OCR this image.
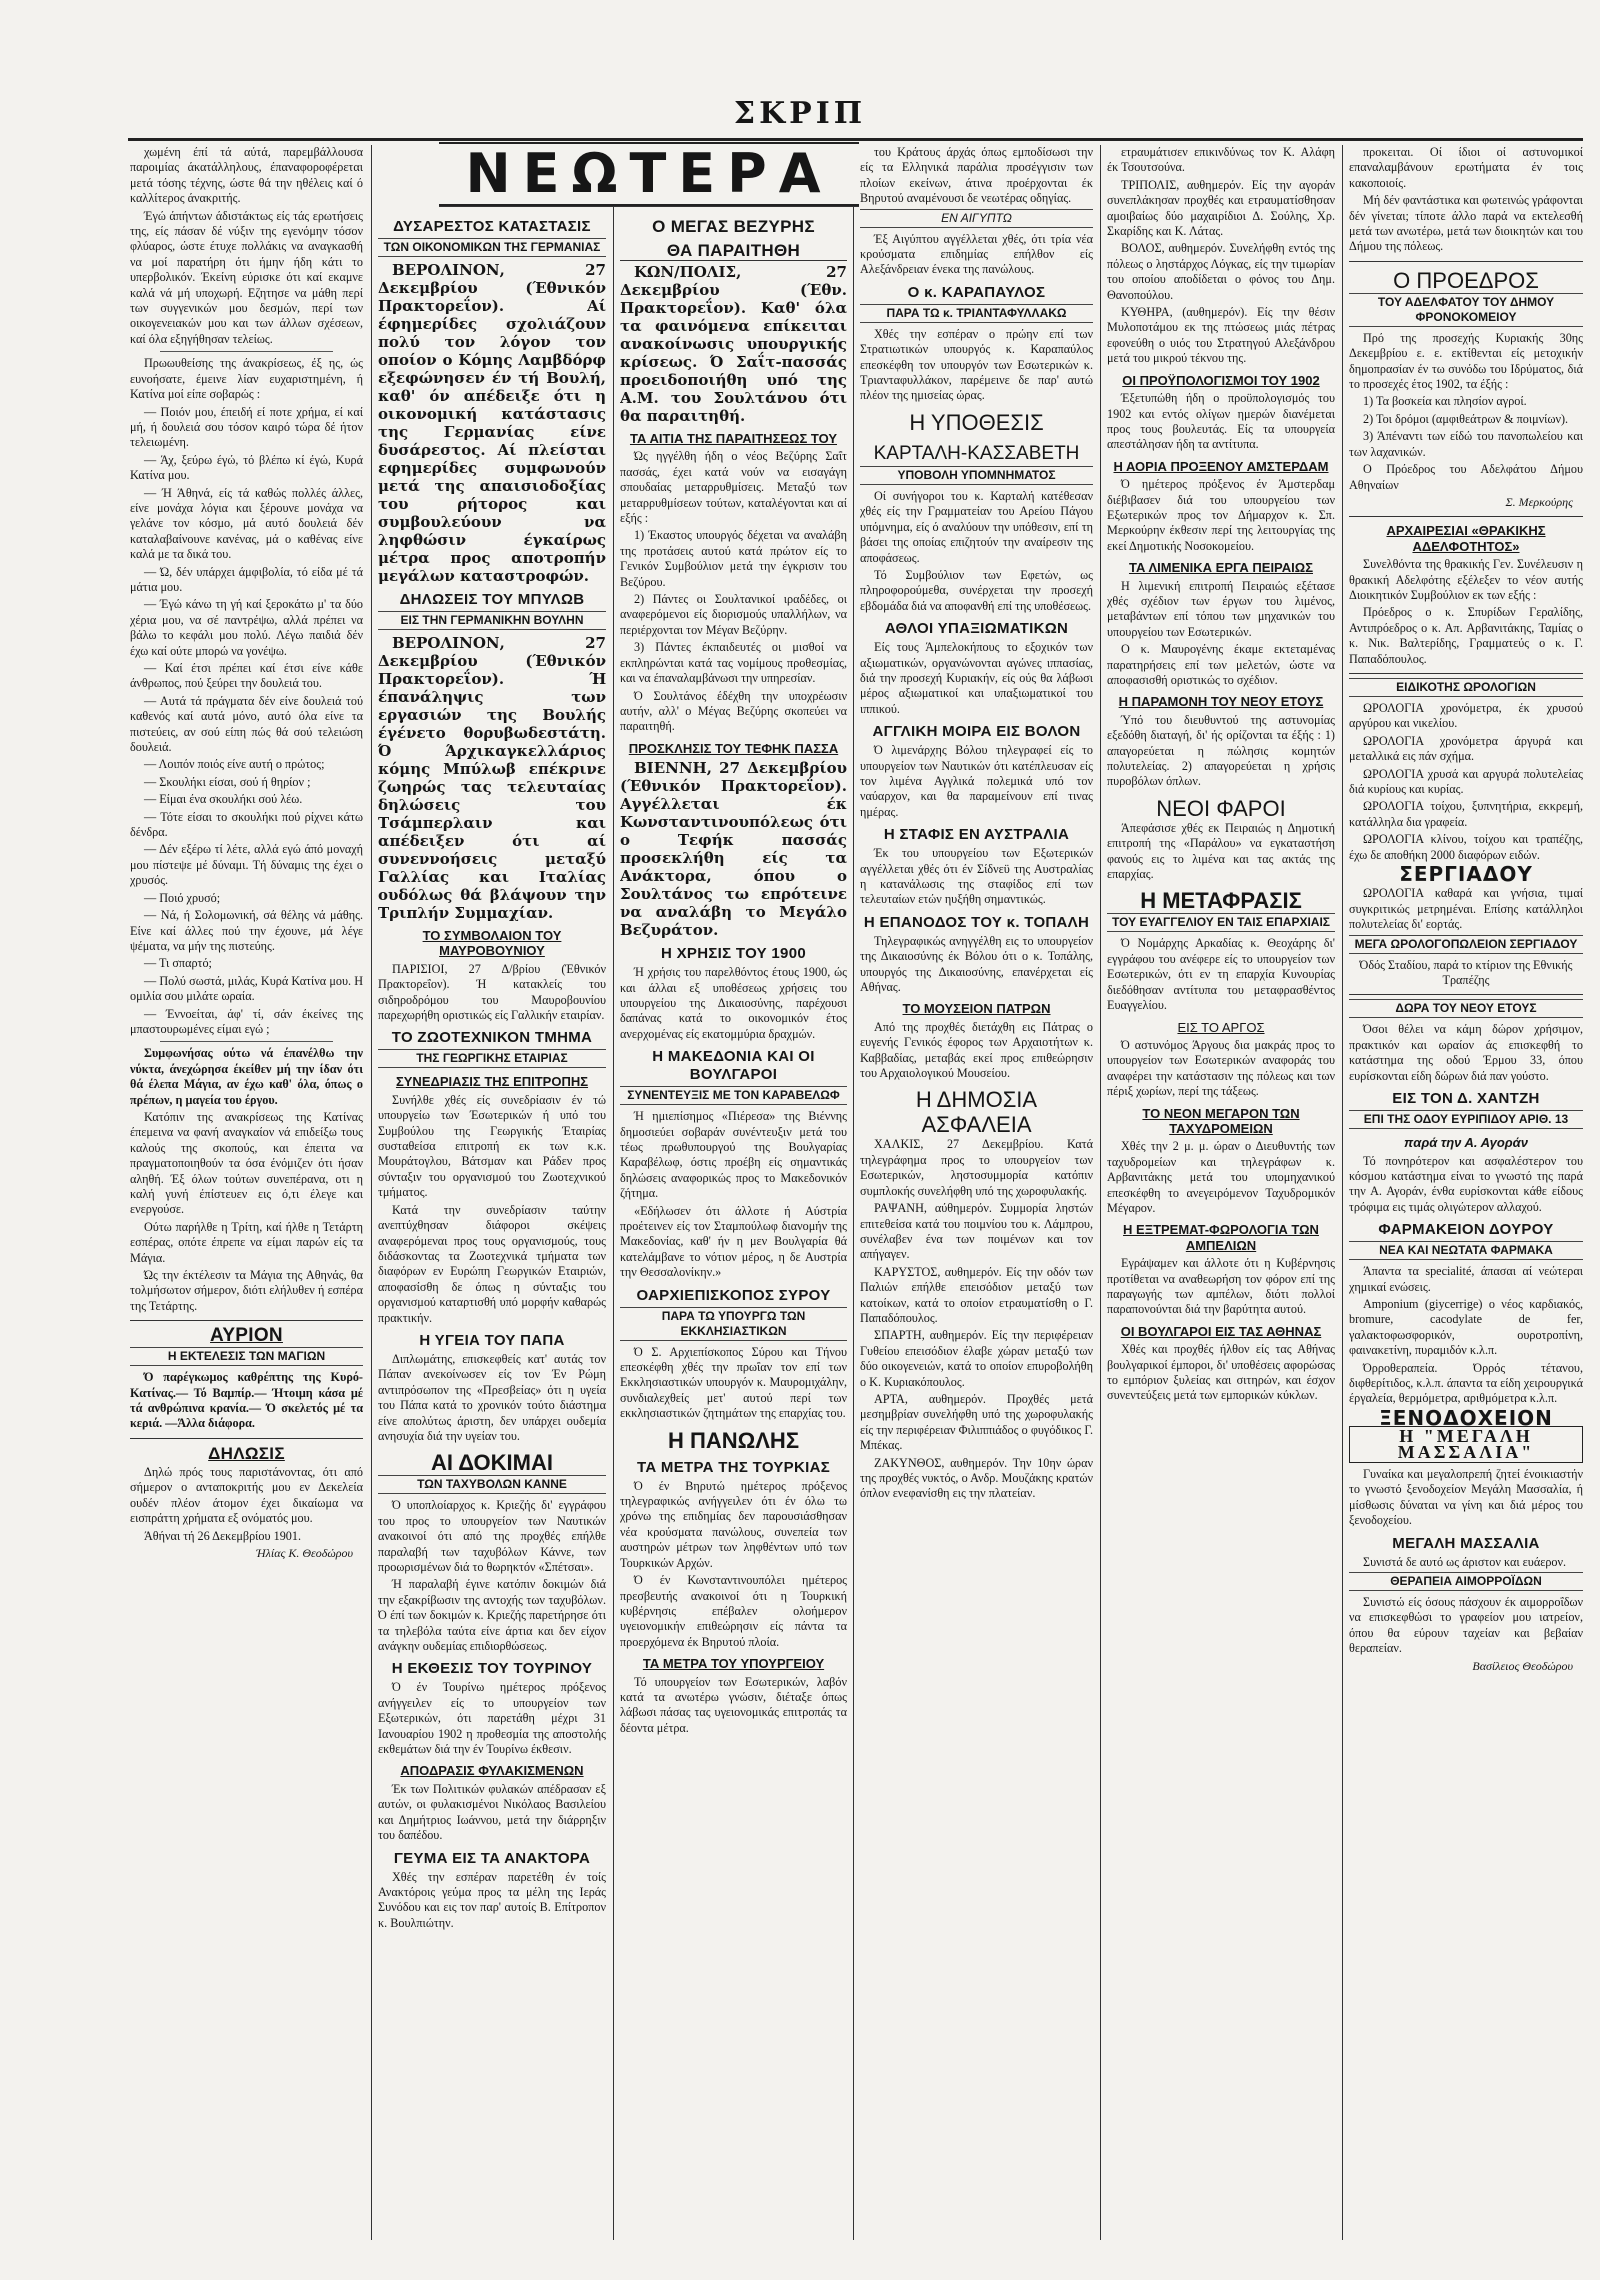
ΣΚΡΙΠ

χωμένη έπί τά αύτά, παρεμβάλλουσα παροιμίας άκατάλληλους, έπαναφοροφέρεται μετά τόσης τέχνης, ώστε θά την ηθέλεις καί ό καλλίτερος άνακριτής.

Έγώ άπήντων άδιστάκτως είς τάς ερωτήσεις της, είς πάσαν δέ νύξιν της εγενόμην τόσον φλύαρος, ώστε έτυχε πολλάκις να αναγκασθή να μοί παρατήρη ότι ήμην ήδη κάτι το υπερβολικόν. Έκείνη εύρισκε ότι καί εκαμνε καλά νά μή υποχωρή. Εζητησε να μάθη περί των συγγενικών μου δεσμών, περί των οικογενειακών μου και των άλλων σχέσεων, καί όλα εξηγήθησαν τελείως.

Πρωωυθείσης της άνακρίσεως, έξ ης, ώς ευνοήσατε, έμεινε λίαν ευχαριστημένη, ή Κατίνα μοί είπε σοβαρώς :

— Ποιόν μου, έπειδή εί ποτε χρήμα, εί καί μή, ή δουλειά σου τόσον καιρό τώρα δέ ήτον τελειωμένη.

— Άχ, ξεύρω έγώ, τό βλέπω κί έγώ, Κυρά Κατίνα μου.

— Ή Άθηνά, είς τά καθώς πολλές άλλες, είνε μονάχα λόγια και ξέρουνε μονάχα να γελάνε τον κόσμο, μά αυτό δουλειά δέν καταλαβαίνουνε κανένας, μά ο καθένας είνε καλά με τα δικά του.

— Ώ, δέν υπάρχει άμφιβολία, τό είδα μέ τά μάτια μου.

— Έγώ κάνω τη γή καί ξεροκάτω μ' τα δύο χέρια μου, να σέ παντρέψω, αλλά πρέπει να βάλω το κεφάλι μου πολύ. Λέγω παιδιά δέν έχω καί ούτε μπορώ να γονέψω.

— Καί έτσι πρέπει καί έτσι είνε κάθε άνθρωπος, πού ξεύρει την δουλειά του.

— Αυτά τά πράγματα δέν είνε δουλειά τού καθενός καί αυτά μόνο, αυτό όλα είνε τα πιστεύεις, αν σού είπη πώς θά σού τελειώση δουλειά.

— Λοιπόν ποιός είνε αυτή ο πρώτος;

— Σκουλήκι είσαι, σού ή θηρίον ;

— Είμαι ένα σκουλήκι σού λέω.

— Τότε είσαι το σκουλήκι πού ρίχνει κάτω δένδρα.

— Δέν εξέρω τί λέτε, αλλά εγώ άπό μοναχή μου πίστεψε μέ δύναμι. Τή δύναμις της έχει ο χρυσός.

— Ποιό χρυσό;

— Νά, ή Σολομωνική, σά θέλης νά μάθης. Είνε καί άλλες πού την έχουνε, μά λέγε ψέματα, να μήν της πιστεύης.

— Τι σπαρτό;

— Πολύ σωστά, μιλάς, Κυρά Κατίνα μου. Η ομιλία σου μιλάτε ωραία.

— Έννοείται, άφ' τί, σάν έκείνες της μπαστουρωμένες είμαι εγώ ;

Συμφωνήσας ούτω νά έπανέλθω την νύκτα, άνεχώρησα έκείθεν μή την ίδαν ότι θά έλεπα Μάγια, αν έχω καθ' όλα, όπως ο πρέπων, η μαγεία του έργου.

Κατόπιν της ανακρίσεως της Κατίνας έπεμεινα να φανή αναγκαίον νά επιδείξω τους καλούς της σκοπούς, και έπειτα να πραγματοποιηθούν τα όσα ένόμιζεν ότι ήσαν αληθή. Έξ όλων τούτων συνεπέρανα, οτι η καλή γυνή έπίστευεν εις ό,τι έλεγε και ενεργούσε.

Ούτω παρήλθε η Τρίτη, καί ήλθε η Τετάρτη εσπέρας, οπότε έπρεπε να είμαι παρών είς τα Μάγια.

Ώς την έκτέλεσιν τα Μάγια της Αθηνάς, θα τολμήσωτον σήμερον, διότι ελήλυθεν ή εσπέρα της Τετάρτης.

ΑΥΡΙΟΝ
Η ΕΚΤΕΛΕΣΙΣ ΤΩΝ ΜΑΓΙΩΝ

Ό παρέγκωμος καθρέπτης της Κυρό-Κατίνας.— Τό Βαμπίρ.— Ήτοιμη κάσα μέ τά ανθρώπινα κρανία.— Ό σκελετός μέ τα κεριά. —Άλλα διάφορα.

ΔΗΛΩΣΙΣ

Δηλώ πρός τους παριστάνοντας, ότι από σήμερον ο ανταποκριτής μου εν Δεκελεία ουδέν πλέον άτομον έχει δικαίωμα να εισπράττη χρήματα εξ ονόματός μου.

Άθήναι τή 26 Δεκεμβρίου 1901.

Ήλίας Κ. Θεοδώρου
ΝΕΩΤΕΡΑ
ΔΥΣΑΡΕΣΤΟΣ ΚΑΤΑΣΤΑΣΙΣ
ΤΩΝ ΟΙΚΟΝΟΜΙΚΩΝ ΤΗΣ ΓΕΡΜΑΝΙΑΣ

ΒΕΡΟΛΙΝΟΝ, 27 Δεκεμβρίου (Έθνικόν Πρακτορεΐον). Αί έφημερίδες σχολιάζουν πολύ τον λόγον τον οποίον ο Κόμης Λαμβδόρφ εξεφώνησεν έν τή Βουλή, καθ' όν απέδειξε ότι η οικονομική κατάστασις της Γερμανίας είνε δυσάρεστος. Αί πλείσται εφημερίδες συμφωνούν μετά της απαισιοδοξίας του ρήτορος και συμβουλεύουν να ληφθώσιν έγκαίρως μέτρα προς αποτροπήν μεγάλων καταστροφών.

ΔΗΛΩΣΕΙΣ ΤΟΥ ΜΠΥΛΩΒ
ΕΙΣ ΤΗΝ ΓΕΡΜΑΝΙΚΗΝ ΒΟΥΛΗΝ

ΒΕΡΟΛΙΝΟΝ, 27 Δεκεμβρίου (Έθνικόν Πρακτορεΐον). Ή έπανάληψις των εργασιών της Βουλής έγένετο θορυβωδεστάτη. Ό Άρχικαγκελλάριος κόμης Μπύλωβ επέκρινε ζωηρώς τας τελευταίας δηλώσεις του Τσάμπερλαιν και απέδειξεν ότι αί συνεννοήσεις μεταξύ Γαλλίας και Ιταλίας ουδόλως θά βλάψουν την Τριπλήν Συμμαχίαν.

ΤΟ ΣΥΜΒΟΛΑΙΟΝ ΤΟΥ ΜΑΥΡΟΒΟΥΝΙΟΥ

ΠΑΡΙΣΙΟΙ, 27 Δ/βρίου (Έθνικόν Πρακτορεΐον). Ή κατακλείς του σιδηροδρόμου του Μαυροβουνίου παρεχωρήθη οριστικώς είς Γαλλικήν εταιρίαν.

ΤΟ ΖΩΟΤΕΧΝΙΚΟΝ ΤΜΗΜΑ
ΤΗΣ ΓΕΩΡΓΙΚΗΣ ΕΤΑΙΡΙΑΣ
ΣΥΝΕΔΡΙΑΣΙΣ ΤΗΣ ΕΠΙΤΡΟΠΗΣ

Συνήλθε χθές είς συνεδρίασιν έν τώ υπουργείω των Έσωτερικών ή υπό του Συμβούλου της Γεωργικής Έταιρίας συσταθείσα επιτροπή εκ των κ.κ. Μουράτογλου, Βάτσμαν και Ράδεν προς σύνταξιν του οργανισμού του Ζωοτεχνικού τμήματος.

Κατά την συνεδρίασιν ταύτην ανεπτύχθησαν διάφοροι σκέψεις αναφερόμεναι προς τους οργανισμούς, τους διδάσκοντας τα Ζωοτεχνικά τμήματα των διαφόρων εν Ευρώπη Γεωργικών Εταιριών, αποφασίσθη δε όπως η σύνταξις του οργανισμού καταρτισθή υπό μορφήν καθαρώς πρακτικήν.

Η ΥΓΕΙΑ ΤΟΥ ΠΑΠΑ

Διπλωμάτης, επισκεφθείς κατ' αυτάς τον Πάπαν ανεκοίνωσεν είς τον Έν Ρώμη αντιπρόσωπον της «Πρεσβείας» ότι η υγεία του Πάπα κατά το χρονικόν τούτο διάστημα είνε απολύτως άριστη, δεν υπάρχει ουδεμία ανησυχία διά την υγείαν του.

ΑΙ ΔΟΚΙΜΑΙ
ΤΩΝ ΤΑΧΥΒΟΛΩΝ ΚΑΝΝΕ

Ό υποπλοίαρχος κ. Κριεζής δι' εγγράφου του προς το υπουργείον των Ναυτικών ανακοινοί ότι από της προχθές επήλθε παραλαβή των ταχυβόλων Κάννε, των προωρισμένων διά το θωρηκτόν «Σπέτσαι».

Ή παραλαβή έγινε κατόπιν δοκιμών διά την εξακρίβωσιν της αντοχής των ταχυβόλων. Ό έπί των δοκιμών κ. Κριεζής παρετήρησε ότι τα τηλεβόλα ταύτα είνε άρτια και δεν είχον ανάγκην ουδεμίας επιδιορθώσεως.

Η ΕΚΘΕΣΙΣ ΤΟΥ ΤΟΥΡΙΝΟΥ

Ό έν Τουρίνω ημέτερος πρόξενος ανήγγειλεν είς το υπουργείον των Εξωτερικών, ότι παρετάθη μέχρι 31 Ιανουαρίου 1902 η προθεσμία της αποστολής εκθεμάτων διά την έν Τουρίνω έκθεσιν.

ΑΠΟΔΡΑΣΙΣ ΦΥΛΑΚΙΣΜΕΝΩΝ

Έκ των Πολιτικών φυλακών απέδρασαν εξ αυτών, οι φυλακισμένοι Νικόλαος Βασιλείου και Δημήτριος Ιωάννου, μετά την διάρρηξιν του δαπέδου.

ΓΕΥΜΑ ΕΙΣ ΤΑ ΑΝΑΚΤΟΡΑ

Χθές την εσπέραν παρετέθη έν τοίς Ανακτόροις γεύμα προς τα μέλη της Ιεράς Συνόδου και εις τον παρ' αυτοίς Β. Επίτροπον κ. Βουλπιώτην.

Ο ΜΕΓΑΣ ΒΕΖΥΡΗΣ
ΘΑ ΠΑΡΑΙΤΗΘΗ

ΚΩΝ/ΠΟΛΙΣ, 27 Δεκεμβρίου (Έθν. Πρακτορεΐον). Καθ' όλα τα φαινόμενα επίκειται ανακοίνωσις υπουργικής κρίσεως. Ό Σαΐτ-πασσάς προειδοποιήθη υπό της Α.Μ. του Σουλτάνου ότι θα παραιτηθή.

ΤΑ ΑΙΤΙΑ ΤΗΣ ΠΑΡΑΙΤΗΣΕΩΣ ΤΟΥ

Ώς ηγγέλθη ήδη ο νέος Βεζύρης Σαΐτ πασσάς, έχει κατά νούν να εισαγάγη σπουδαίας μεταρρυθμίσεις. Μεταξύ των μεταρρυθμίσεων τούτων, καταλέγονται και αί εξής :

1) Έκαστος υπουργός δέχεται να αναλάβη της προτάσεις αυτού κατά πρώτον είς το Γενικόν Συμβούλιον μετά την έγκρισιν του Βεζύρου.

2) Πάντες οι Σουλτανικοί ιραδέδες, οι αναφερόμενοι είς διορισμούς υπαλλήλων, να περιέρχονται τον Μέγαν Βεζύρην.

3) Πάντες έκπαιδευτές οι μισθοί να εκπληρώνται κατά τας νομίμους προθεσμίας, και να έπαναλαμβάνωσι την υπηρεσίαν.

Ό Σουλτάνος έδέχθη την υποχρέωσιν αυτήν, αλλ' ο Μέγας Βεζύρης σκοπεύει να παραιτηθή.

ΠΡΟΣΚΛΗΣΙΣ ΤΟΥ ΤΕΦΗΚ ΠΑΣΣΑ

ΒΙΕΝΝΗ, 27 Δεκεμβρίου (Έθνικόν Πρακτορεΐον). Αγγέλλεται έκ Κωνσταντινουπόλεως ότι ο Τεφήκ πασσάς προσεκλήθη είς τα Ανάκτορα, όπου ο Σουλτάνος τω επρότεινε να αναλάβη το Μεγάλο Βεζυράτον.

Η ΧΡΗΣΙΣ ΤΟΥ 1900

Ή χρήσις του παρελθόντος έτους 1900, ώς και άλλαι εξ υποθέσεως χρήσεις του υπουργείου της Δικαιοσύνης, παρέχουσι δαπάνας κατά το οικονομικόν έτος ανερχομένας είς εκατομμύρια δραχμών.

Η ΜΑΚΕΔΟΝΙΑ ΚΑΙ ΟΙ ΒΟΥΛΓΑΡΟΙ
ΣΥΝΕΝΤΕΥΞΙΣ ΜΕ ΤΟΝ ΚΑΡΑΒΕΛΩΦ

Ή ημιεπίσημος «Πιέρεσα» της Βιέννης δημοσιεύει σοβαράν συνέντευξιν μετά του τέως πρωθυπουργού της Βουλγαρίας Καραβέλωφ, όστις προέβη είς σημαντικάς δηλώσεις αναφορικώς προς το Μακεδονικόν ζήτημα.

«Εδήλωσεν ότι άλλοτε ή Αύστρία προέτεινεν είς τον Σταμπούλωφ διανομήν της Μακεδονίας, καθ' ήν η μεν Βουλγαρία θά κατελάμβανε το νότιον μέρος, η δε Αυστρία την Θεσσαλονίκην.»

ΟΑΡΧΙΕΠΙΣΚΟΠΟΣ ΣΥΡΟΥ
ΠΑΡΑ ΤΩ ΥΠΟΥΡΓΩ ΤΩΝ ΕΚΚΛΗΣΙΑΣΤΙΚΩΝ

Ό Σ. Αρχιεπίσκοπος Σύρου και Τήνου επεσκέφθη χθές την πρωΐαν τον επί των Εκκλησιαστικών υπουργόν κ. Μαυρομιχάλην, συνδιαλεχθείς μετ' αυτού περί των εκκλησιαστικών ζητημάτων της επαρχίας του.

Η ΠΑΝΩΛΗΣ
ΤΑ ΜΕΤΡΑ ΤΗΣ ΤΟΥΡΚΙΑΣ

Ό έν Βηρυτώ ημέτερος πρόξενος τηλεγραφικώς ανήγγειλεν ότι έν όλω τω χρόνω της επιδημίας δεν παρουσιάσθησαν νέα κρούσματα πανώλους, συνεπεία των αυστηρών μέτρων των ληφθέντων υπό των Τουρκικών Αρχών.

Ό έν Κωνσταντινουπόλει ημέτερος πρεσβευτής ανακοινοί ότι η Τουρκική κυβέρνησις επέβαλεν ολοήμερον υγειονομικήν επιθεώρησιν είς πάντα τα προερχόμενα έκ Βηρυτού πλοία.

ΤΑ ΜΕΤΡΑ ΤΟΥ ΥΠΟΥΡΓΕΙΟΥ

Τό υπουργείον των Εσωτερικών, λαβόν κατά τα ανωτέρω γνώσιν, διέταξε όπως λάβωσι πάσας τας υγειονομικάς επιτροπάς τα δέοντα μέτρα.

του Κράτους άρχάς όπως εμποδίσωσι την είς τα Ελληνικά παράλια προσέγγισιν των πλοίων εκείνων, άτινα προέρχονται έκ Βηρυτού αναμένουσι δε νεωτέρας οδηγίας.

ΕΝ ΑΙΓΥΠΤΩ

Έξ Αιγύπτου αγγέλλεται χθές, ότι τρία νέα κρούσματα επιδημίας επήλθον είς Αλεξάνδρειαν ένεκα της πανώλους.

Ο κ. ΚΑΡΑΠΑΥΛΟΣ
ΠΑΡΑ ΤΩ κ. ΤΡΙΑΝΤΑΦΥΛΛΑΚΩ

Χθές την εσπέραν ο πρώην επί των Στρατιωτικών υπουργός κ. Καραπαύλος επεσκέφθη τον υπουργόν των Εσωτερικών κ. Τριανταφυλλάκον, παρέμεινε δε παρ' αυτώ πλέον της ημισείας ώρας.

Η ΥΠΟΘΕΣΙΣ
ΚΑΡΤΑΛΗ-ΚΑΣΣΑΒΕΤΗ
ΥΠΟΒΟΛΗ ΥΠΟΜΝΗΜΑΤΟΣ

Οί συνήγοροι του κ. Καρταλή κατέθεσαν χθές είς την Γραμματείαν του Αρείου Πάγου υπόμνημα, είς ό αναλύουν την υπόθεσιν, επί τη βάσει της οποίας επιζητούν την αναίρεσιν της αποφάσεως.

Τό Συμβούλιον των Εφετών, ως πληροφορούμεθα, συνέρχεται την προσεχή εβδομάδα διά να αποφανθή επί της υποθέσεως.

ΑΘΛΟΙ ΥΠΑΞΙΩΜΑΤΙΚΩΝ

Είς τους Άμπελοκήπους το εξοχικόν των αξιωματικών, οργανώνονται αγώνες ιππασίας, διά την προσεχή Κυριακήν, είς ούς θα λάβωσι μέρος αξιωματικοί και υπαξιωματικοί του ιππικού.

ΑΓΓΛΙΚΗ ΜΟΙΡΑ ΕΙΣ ΒΟΛΟΝ

Ό λιμενάρχης Βόλου τηλεγραφεί είς το υπουργείον των Ναυτικών ότι κατέπλευσαν είς τον λιμένα Αγγλικά πολεμικά υπό τον ναύαρχον, και θα παραμείνουν επί τινας ημέρας.

Η ΣΤΑΦΙΣ ΕΝ ΑΥΣΤΡΑΛΙΑ

Έκ του υπουργείου των Εξωτερικών αγγέλλεται χθές ότι έν Σίδνεϋ της Αυστραλίας η κατανάλωσις της σταφίδος επί των τελευταίων ετών ηυξήθη σημαντικώς.

Η ΕΠΑΝΟΔΟΣ ΤΟΥ κ. ΤΟΠΑΛΗ

Τηλεγραφικώς ανηγγέλθη εις το υπουργείον της Δικαιοσύνης έκ Βόλου ότι ο κ. Τοπάλης, υπουργός της Δικαιοσύνης, επανέρχεται είς Αθήνας.

ΤΟ ΜΟΥΣΕΙΟΝ ΠΑΤΡΩΝ

Από της προχθές διετάχθη εις Πάτρας ο ευγενής Γενικός έφορος των Αρχαιοτήτων κ. Καββαδίας, μεταβάς εκεί προς επιθεώρησιν του Αρχαιολογικού Μουσείου.

Η ΔΗΜΟΣΙΑ ΑΣΦΑΛΕΙΑ

ΧΑΛΚΙΣ, 27 Δεκεμβρίου. Κατά τηλεγράφημα προς το υπουργείον των Εσωτερικών, ληστοσυμμορία κατόπιν συμπλοκής συνελήφθη υπό της χωροφυλακής.

ΡΑΨΑΝΗ, αύθημερόν. Συμμορία ληστών επιτεθείσα κατά του ποιμνίου του κ. Λάμπρου, συνέλαβεν ένα των ποιμένων και τον απήγαγεν.

ΚΑΡΥΣΤΟΣ, αυθημερόν. Είς την οδόν των Παλιών επήλθε επεισόδιον μεταξύ των κατοίκων, κατά το οποίον ετραυματίσθη ο Γ. Παπαδόπουλος.

ΣΠΑΡΤΗ, αυθημερόν. Είς την περιφέρειαν Γυθείου επεισόδιον έλαβε χώραν μεταξύ των δύο οικογενειών, κατά το οποίον επυροβολήθη ο Κ. Κυριακόπουλος.

ΑΡΤΑ, αυθημερόν. Προχθές μετά μεσημβρίαν συνελήφθη υπό της χωροφυλακής είς την περιφέρειαν Φιλιππιάδος ο φυγόδικος Γ. Μπέκας.

ΖΑΚΥΝΘΟΣ, αυθημερόν. Την 10ην ώραν της προχθές νυκτός, ο Ανδρ. Μουζάκης κρατών όπλον ενεφανίσθη εις την πλατείαν.

ετραυμάτισεν επικινδύνως τον Κ. Αλάφη έκ Τσουτσούνα.

ΤΡΙΠΟΛΙΣ, αυθημερόν. Είς την αγοράν συνεπλάκησαν προχθές και ετραυματίσθησαν αμοιβαίως δύο μαχαιρίδιοι Δ. Σούλης, Χρ. Σκαρίδης και Κ. Λάτας.

ΒΟΛΟΣ, αυθημερόν. Συνελήφθη εντός της πόλεως ο ληστάρχος Λόγκας, είς την τιμωρίαν του οποίου αποδίδεται ο φόνος του Δημ. Θανοπούλου.

ΚΥΘΗΡΑ, (αυθημερόν). Είς την θέσιν Μυλοποτάμου εκ της πτώσεως μιάς πέτρας εφονεύθη ο υιός του Στρατηγού Αλεξάνδρου μετά του μικρού τέκνου της.

ΟΙ ΠΡΟΫΠΟΛΟΓΙΣΜΟΙ ΤΟΥ 1902

Έξετυπώθη ήδη ο προϋπολογισμός του 1902 και εντός ολίγων ημερών διανέμεται προς τους βουλευτάς. Είς τα υπουργεία απεστάλησαν ήδη τα αντίτυπα.

Η ΑΟΡΙΑ ΠΡΟΞΕΝΟΥ ΑΜΣΤΕΡΔΑΜ

Ό ημέτερος πρόξενος έν Άμστερδαμ διέβιβασεν διά του υπουργείου των Εξωτερικών προς τον Δήμαρχον κ. Σπ. Μερκούρην έκθεσιν περί της λειτουργίας της εκεί Δημοτικής Νοσοκομείου.

ΤΑ ΛΙΜΕΝΙΚΑ ΕΡΓΑ ΠΕΙΡΑΙΩΣ

Η λιμενική επιτροπή Πειραιώς εξέτασε χθές σχέδιον των έργων του λιμένος, μεταβάντων επί τόπου των μηχανικών του υπουργείου των Εσωτερικών.

Ο κ. Μαυρογένης έκαμε εκτεταμένας παρατηρήσεις επί των μελετών, ώστε να αποφασισθή οριστικώς το σχέδιον.

Η ΠΑΡΑΜΟΝΗ ΤΟΥ ΝΕΟΥ ΕΤΟΥΣ

Ύπό του διευθυντού της αστυνομίας εξεδόθη διαταγή, δι' ής ορίζονται τα έξής : 1) απαγορεύεται η πώλησις κομητών πολυτελείας. 2) απαγορεύεται η χρήσις πυροβόλων όπλων.

ΝΕΟΙ ΦΑΡΟΙ

Άπεφάσισε χθές εκ Πειραιώς η Δημοτική επιτροπή της «Παράλου» να εγκαταστήση φανούς εις το λιμένα και τας ακτάς της επαρχίας.

Η ΜΕΤΑΦΡΑΣΙΣ
ΤΟΥ ΕΥΑΓΓΕΛΙΟΥ ΕΝ ΤΑΙΣ ΕΠΑΡΧΙΑΙΣ

Ό Νομάρχης Αρκαδίας κ. Θεοχάρης δι' εγγράφου του ανέφερε είς το υπουργείον των Εσωτερικών, ότι εν τη επαρχία Κυνουρίας διεδόθησαν αντίτυπα του μεταφρασθέντος Ευαγγελίου.

ΕΙΣ ΤΟ ΑΡΓΟΣ

Ό αστυνόμος Άργους δια μακράς προς το υπουργείον των Εσωτερικών αναφοράς του αναφέρει την κατάστασιν της πόλεως και των πέριξ χωρίων, περί της τάξεως.

ΤΟ ΝΕΟΝ ΜΕΓΑΡΟΝ ΤΩΝ ΤΑΧΥΔΡΟΜΕΙΩΝ

Χθές την 2 μ. μ. ώραν ο Διευθυντής των ταχυδρομείων και τηλεγράφων κ. Αρβανιτάκης μετά του υπομηχανικού επεσκέφθη το ανεγειρόμενον Ταχυδρομικόν Μέγαρον.

Η ΕΞΤΡΕΜΑΤ-ΦΩΡΟΛΟΓΙΑ ΤΩΝ ΑΜΠΕΛΙΩΝ

Εγράψαμεν και άλλοτε ότι η Κυβέρνησις προτίθεται να αναθεωρήση τον φόρον επί της παραγωγής των αμπέλων, διότι πολλοί παραπονούνται διά την βαρύτητα αυτού.

ΟΙ ΒΟΥΛΓΑΡΟΙ ΕΙΣ ΤΑΣ ΑΘΗΝΑΣ

Χθές και προχθές ήλθον είς τας Αθήνας βουλγαρικοί έμποροι, δι' υποθέσεις αφορώσας το εμπόριον ξυλείας και σιτηρών, και έσχον συνεντεύξεις μετά των εμπορικών κύκλων.

προκειται. Οί ίδιοι οί αστυνομικοί επαναλαμβάνουν ερωτήματα έν τοις κακοποιοίς.

Μή δέν φαντάστικα και φωτεινώς γράφονται δέν γίνεται; τίποτε άλλο παρά να εκτελεσθή μετά των ανωτέρω, μετά των διοικητών και του Δήμου της πόλεως.

Ο ΠΡΟΕΔΡΟΣ
ΤΟΥ ΑΔΕΛΦΑΤΟΥ ΤΟΥ ΔΗΜΟΥ ΦΡΟΝΟΚΟΜΕΙΟΥ

Πρό της προσεχής Κυριακής 30ης Δεκεμβρίου ε. ε. εκτίθενται είς μετοχικήν δημοπρασίαν έν τω συνόδω του Ιδρύματος, διά το προσεχές έτος 1902, τα έξής :

1) Τα βοσκεία και πλησίον αγροί.

2) Τοι δρόμοι (αμφιθεάτρων & ποιμνίων).

3) Άπέναντι των είδώ του πανοπωλείου και των λαχανικών.

Ο Πρόεδρος του Αδελφάτου Δήμου Αθηναίων

Σ. Μερκούρης
ΑΡΧΑΙΡΕΣΙΑΙ «ΘΡΑΚΙΚΗΣ ΑΔΕΛΦΟΤΗΤΟΣ»

Συνελθόντα της θρακικής Γεν. Συνέλευσιν η θρακική Αδελφότης εξέλεξεν το νέον αυτής Διοικητικόν Συμβούλιον εκ των εξής :

Πρόεδρος ο κ. Σπυρίδων Γεραλίδης, Αντιπρόεδρος ο κ. Απ. Αρβανιτάκης, Ταμίας ο κ. Νικ. Βαλτερίδης, Γραμματεύς ο κ. Γ. Παπαδόπουλος.

ΕΙΔΙΚΟΤΗΣ ΩΡΟΛΟΓΙΩΝ

ΩΡΟΛΟΓΙΑ χρονόμετρα, έκ χρυσού αργύρου και νικελίου.

ΩΡΟΛΟΓΙΑ χρονόμετρα άργυρά και μεταλλικά εις πάν σχήμα.

ΩΡΟΛΟΓΙΑ χρυσά και αργυρά πολυτελείας διά κυρίους και κυρίας.

ΩΡΟΛΟΓΙΑ τοίχου, ξυπνητήρια, εκκρεμή, κατάλληλα δια γραφεία.

ΩΡΟΛΟΓΙΑ κλίνου, τοίχου και τραπέζης, έχω δε αποθήκη 2000 διαφόρων ειδών.

ΣΕΡΓΙΑΔΟΥ

ΩΡΟΛΟΓΙΑ καθαρά και γνήσια, τιμαί συγκριτικώς μετρημέναι. Επίσης κατάλληλοι πολυτελείας δι' εορτάς.

ΜΕΓΑ ΩΡΟΛΟΓΟΠΩΛΕΙΟΝ ΣΕΡΓΙΑΔΟΥ

Όδός Σταδίου, παρά το κτίριον της Εθνικής Τραπέζης

ΔΩΡΑ ΤΟΥ ΝΕΟΥ ΕΤΟΥΣ

Όσοι θέλει να κάμη δώρον χρήσιμον, πρακτικόν και ωραίον άς επισκεφθή το κατάστημα της οδού Έρμου 33, όπου ευρίσκονται είδη δώρων διά παν γούστο.

ΕΙΣ ΤΟΝ Δ. ΧΑΝΤΖΗ
ΕΠΙ ΤΗΣ ΟΔΟΥ ΕΥΡΙΠΙΔΟΥ ΑΡΙΘ. 13
παρά την Α. Αγοράν

Τό πονηρότερον και ασφαλέστερον του κόσμου κατάστημα είναι το γνωστό της παρά την Α. Αγοράν, ένθα ευρίσκονται κάθε είδους τρόφιμα εις τιμάς ολιγώτερον αλλαχού.

ΦΑΡΜΑΚΕΙΟΝ ΔΟΥΡΟΥ
ΝΕΑ ΚΑΙ ΝΕΩΤΑΤΑ ΦΑΡΜΑΚΑ

Άπαντα τα specialité, άπασαι αί νεώτεραι χημικαί ενώσεις.

Amponium (giycerrige) ο νέος καρδιακός, bromure, cacodylate de fer, γαλακτοφωσφορικόν, ουροτροπίνη, φαινακετίνη, πυραμιδόν κ.λ.π.

Όρροθεραπεία. Όρρός τέτανου, διφθερίτιδος, κ.λ.π. άπαντα τα είδη χειρουργικά έργαλεία, θερμόμετρα, αριθμόμετρα κ.λ.π.

ΞΕΝΟΔΟΧΕΙΟΝ
Η "ΜΕΓΑΛΗ ΜΑΣΣΑΛΙΑ"

Γυναίκα και μεγαλοπρεπή ζητεί ένοικιαστήν το γνωστό ξενοδοχείον Μεγάλη Μασσαλία, ή μίσθωσις δύναται να γίνη και διά μέρος του ξενοδοχείου.

ΜΕΓΑΛΗ ΜΑΣΣΑΛΙΑ

Συνιστά δε αυτό ως άριστον και ευάερον.

ΘΕΡΑΠΕΙΑ ΑΙΜΟΡΡΟΪΔΩΝ

Συνιστώ είς όσους πάσχουν έκ αιμορροΐδων να επισκεφθώσι το γραφείον μου ιατρείον, όπου θα εύρουν ταχείαν και βεβαίαν θεραπείαν.

Βασίλειος Θεοδώρου
